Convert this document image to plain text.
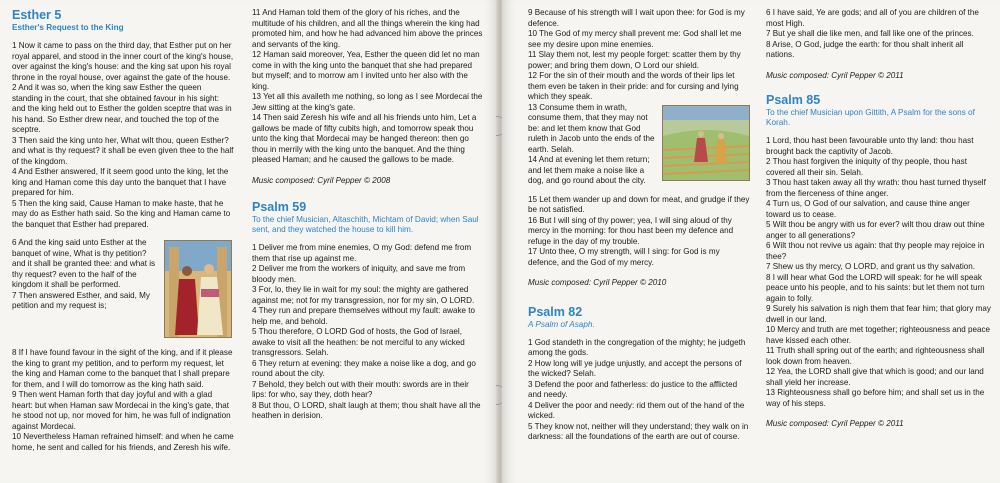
Esther 5
Esther's Request to the King

1 Now it came to pass on the third day, that Esther put on her royal apparel, and stood in the inner court of the king's house, over against the king's house: and the king sat upon his royal throne in the royal house, over against the gate of the house.

2 And it was so, when the king saw Esther the queen standing in the court, that she obtained favour in his sight: and the king held out to Esther the golden sceptre that was in his hand. So Esther drew near, and touched the top of the sceptre.

3 Then said the king unto her, What wilt thou, queen Esther? and what is thy request? it shall be even given thee to the half of the kingdom.

4 And Esther answered, If it seem good unto the king, let the king and Haman come this day unto the banquet that I have prepared for him.

5 Then the king said, Cause Haman to make haste, that he may do as Esther hath said. So the king and Haman came to the banquet that Esther had prepared.

6 And the king said unto Esther at the banquet of wine, What is thy petition? and it shall be granted thee: and what is thy request? even to the half of the kingdom it shall be performed.

7 Then answered Esther, and said, My petition and my request is;

8 If I have found favour in the sight of the king, and if it please the king to grant my petition, and to perform my request, let the king and Haman come to the banquet that I shall prepare for them, and I will do tomorrow as the king hath said.

9 Then went Haman forth that day joyful and with a glad heart: but when Haman saw Mordecai in the king's gate, that he stood not up, nor moved for him, he was full of indignation against Mordecai.

10 Nevertheless Haman refrained himself: and when he came home, he sent and called for his friends, and Zeresh his wife.

11 And Haman told them of the glory of his riches, and the multitude of his children, and all the things wherein the king had promoted him, and how he had advanced him above the princes and servants of the king.

12 Haman said moreover, Yea, Esther the queen did let no man come in with the king unto the banquet that she had prepared but myself; and to morrow am I invited unto her also with the king.

13 Yet all this availeth me nothing, so long as I see Mordecai the Jew sitting at the king's gate.

14 Then said Zeresh his wife and all his friends unto him, Let a gallows be made of fifty cubits high, and tomorrow speak thou unto the king that Mordecai may be hanged thereon: then go thou in merrily with the king unto the banquet. And the thing pleased Haman; and he caused the gallows to be made.

Music composed: Cyril Pepper © 2008

Psalm 59
To the chief Musician, Altaschith, Michtam of David; when Saul sent, and they watched the house to kill him.

1 Deliver me from mine enemies, O my God: defend me from them that rise up against me.

2 Deliver me from the workers of iniquity, and save me from bloody men.

3 For, lo, they lie in wait for my soul: the mighty are gathered against me; not for my transgression, nor for my sin, O LORD.

4 They run and prepare themselves without my fault: awake to help me, and behold.

5 Thou therefore, O LORD God of hosts, the God of Israel, awake to visit all the heathen: be not merciful to any wicked transgressors. Selah.

6 They return at evening: they make a noise like a dog, and go round about the city.

7 Behold, they belch out with their mouth: swords are in their lips: for who, say they, doth hear?

8 But thou, O LORD, shalt laugh at them; thou shalt have all the heathen in derision.

9 Because of his strength will I wait upon thee: for God is my defence.

10 The God of my mercy shall prevent me: God shall let me see my desire upon mine enemies.

11 Slay them not, lest my people forget: scatter them by thy power; and bring them down, O Lord our shield.

12 For the sin of their mouth and the words of their lips let them even be taken in their pride: and for cursing and lying which they speak.

13 Consume them in wrath, consume them, that they may not be: and let them know that God ruleth in Jacob unto the ends of the earth. Selah.

14 And at evening let them return; and let them make a noise like a dog, and go round about the city.

15 Let them wander up and down for meat, and grudge if they be not satisfied.

16 But I will sing of thy power; yea, I will sing aloud of thy mercy in the morning: for thou hast been my defence and refuge in the day of my trouble.

17 Unto thee, O my strength, will I sing: for God is my defence, and the God of my mercy.

Music composed: Cyril Pepper © 2010

Psalm 82
A Psalm of Asaph.

1 God standeth in the congregation of the mighty; he judgeth among the gods.

2 How long will ye judge unjustly, and accept the persons of the wicked? Selah.

3 Defend the poor and fatherless: do justice to the afflicted and needy.

4 Deliver the poor and needy: rid them out of the hand of the wicked.

5 They know not, neither will they understand; they walk on in darkness: all the foundations of the earth are out of course.

6 I have said, Ye are gods; and all of you are children of the most High.

7 But ye shall die like men, and fall like one of the princes.

8 Arise, O God, judge the earth: for thou shalt inherit all nations.

Music composed: Cyril Pepper © 2011

Psalm 85
To the chief Musician upon Gittith, A Psalm for the sons of Korah.

1 Lord, thou hast been favourable unto thy land: thou hast brought back the captivity of Jacob.

2 Thou hast forgiven the iniquity of thy people, thou hast covered all their sin. Selah.

3 Thou hast taken away all thy wrath: thou hast turned thyself from the fierceness of thine anger.

4 Turn us, O God of our salvation, and cause thine anger toward us to cease.

5 Wilt thou be angry with us for ever? wilt thou draw out thine anger to all generations?

6 Wilt thou not revive us again: that thy people may rejoice in thee?

7 Shew us thy mercy, O LORD, and grant us thy salvation.

8 I will hear what God the LORD will speak: for he will speak peace unto his people, and to his saints: but let them not turn again to folly.

9 Surely his salvation is nigh them that fear him; that glory may dwell in our land.

10 Mercy and truth are met together; righteousness and peace have kissed each other.

11 Truth shall spring out of the earth; and righteousness shall look down from heaven.

12 Yea, the LORD shall give that which is good; and our land shall yield her increase.

13 Righteousness shall go before him; and shall set us in the way of his steps.

Music composed: Cyril Pepper © 2011
